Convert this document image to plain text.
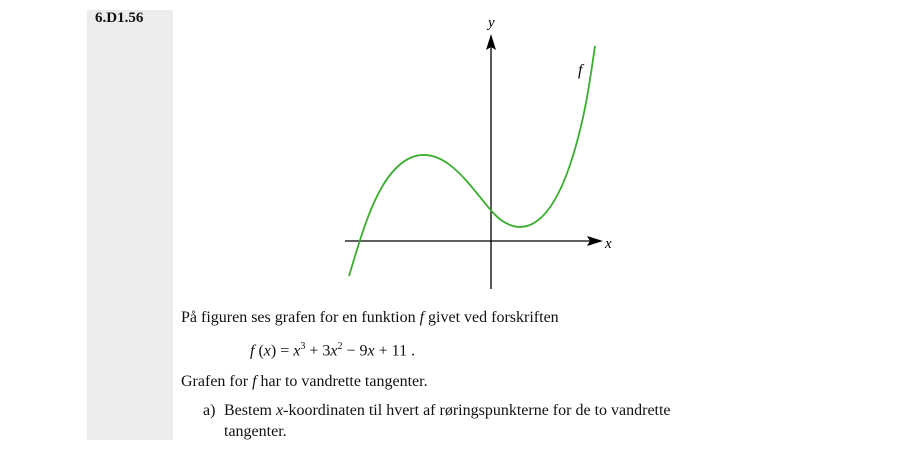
6.D1.56	y
x
f
På figuren ses grafen for en funktion f givet ved forskriften
f $(x) = x^3 + 3x^2 - 9x + 11$ .
Grafen for f har to vandrette tangenter.
a) Bestem x-koordinaten til hvert af røringspunkterne for de to vandrette
tangenter.
